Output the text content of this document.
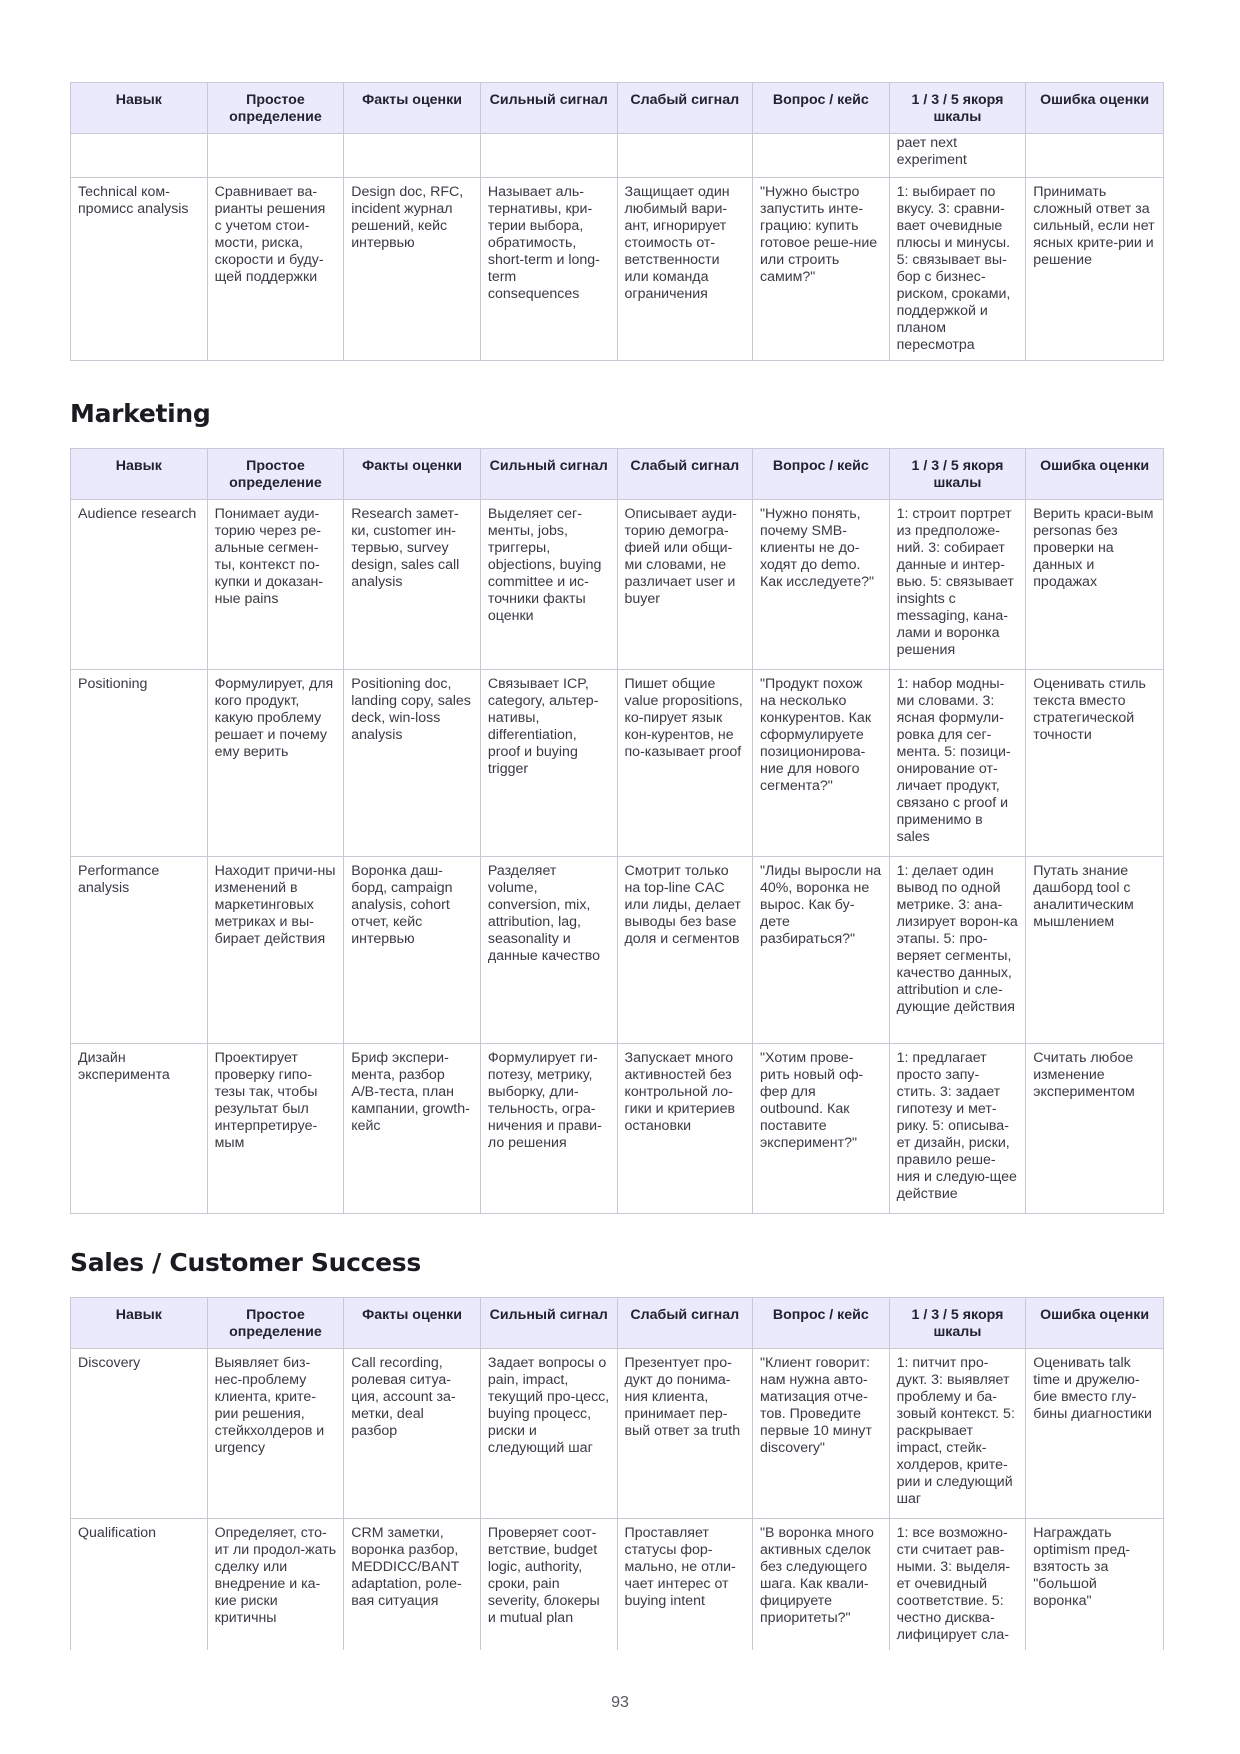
Навык	Простое определение	Факты оценки	Сильный сигнал	Слабый сигнал	Вопрос / кейс	1 / 3 / 5 якоря шкалы	Ошибка оценки
						рает next experiment	
Technical ком-промисс analysis	Сравнивает ва-рианты решения с учетом стои-мости, риска, скорости и буду-щей поддержки	Design doc, RFC, incident журнал решений, кейс интервью	Называет аль-тернативы, кри-терии выбора, обратимость, short-term и long-term consequences	Защищает один любимый вари-ант, игнорирует стоимость от-ветственности или команда ограничения	"Нужно быстро запустить инте-грацию: купить готовое реше-ние или строить самим?"	1: выбирает по вкусу. 3: сравни-вает очевидные плюсы и минусы. 5: связывает вы-бор с бизнес-риском, сроками, поддержкой и планом пересмотра	Принимать сложный ответ за сильный, если нет ясных крите-рии и решение
Marketing
Навык	Простое определение	Факты оценки	Сильный сигнал	Слабый сигнал	Вопрос / кейс	1 / 3 / 5 якоря шкалы	Ошибка оценки
Audience research	Понимает ауди-торию через ре-альные сегмен-ты, контекст по-купки и доказан-ные pains	Research замет-ки, customer ин-тервью, survey design, sales call analysis	Выделяет сег-менты, jobs, триггеры, objections, buying committee и ис-точники факты оценки	Описывает ауди-торию демогра-фией или общи-ми словами, не различает user и buyer	"Нужно понять, почему SMB-клиенты не до-ходят до demo. Как исследуете?"	1: строит портрет из предположе-ний. 3: собирает данные и интер-вью. 5: связывает insights с messaging, кана-лами и воронка решения	Верить краси-вым personas без проверки на данных и продажах
Positioning	Формулирует, для кого продукт, какую проблему решает и почему ему верить	Positioning doc, landing copy, sales deck, win-loss analysis	Связывает ICP, category, альтер-нативы, differentiation, proof и buying trigger	Пишет общие value propositions, ко-пирует язык кон-курентов, не по-казывает proof	"Продукт похож на несколько конкурентов. Как сформулируете позиционирова-ние для нового сегмента?"	1: набор модны-ми словами. 3: ясная формули-ровка для сег-мента. 5: позици-онирование от-личает продукт, связано с proof и применимо в sales	Оценивать стиль текста вместо стратегической точности
Performance analysis	Находит причи-ны изменений в маркетинговых метриках и вы-бирает действия	Воронка даш-борд, campaign analysis, cohort отчет, кейс интервью	Разделяет volume, conversion, mix, attribution, lag, seasonality и данные качество	Смотрит только на top-line CAC или лиды, делает выводы без base доля и сегментов	"Лиды выросли на 40%, воронка не вырос. Как бу-дете разбираться?"	1: делает один вывод по одной метрике. 3: ана-лизирует ворон-ка этапы. 5: про-веряет сегменты, качество данных, attribution и сле-дующие действия	Путать знание дашборд tool с аналитическим мышлением
Дизайн эксперимента	Проектирует проверку гипо-тезы так, чтобы результат был интерпретируе-мым	Бриф экспери-мента, разбор A/B-теста, план кампании, growth-кейс	Формулирует ги-потезу, метрику, выборку, дли-тельность, огра-ничения и прави-ло решения	Запускает много активностей без контрольной ло-гики и критериев остановки	"Хотим прове-рить новый оф-фер для outbound. Как поставите эксперимент?"	1: предлагает просто запу-стить. 3: задает гипотезу и мет-рику. 5: описыва-ет дизайн, риски, правило реше-ния и следую-щее действие	Считать любое изменение экспериментом
Sales / Customer Success
Навык	Простое определение	Факты оценки	Сильный сигнал	Слабый сигнал	Вопрос / кейс	1 / 3 / 5 якоря шкалы	Ошибка оценки
Discovery	Выявляет биз-нес-проблему клиента, крите-рии решения, стейкхолдеров и urgency	Call recording, ролевая ситуа-ция, account за-метки, deal разбор	Задает вопросы о pain, impact, текущий про-цесс, buying процесс, риски и следующий шаг	Презентует про-дукт до понима-ния клиента, принимает пер-вый ответ за truth	"Клиент говорит: нам нужна авто-матизация отче-тов. Проведите первые 10 минут discovery"	1: питчит про-дукт. 3: выявляет проблему и ба-зовый контекст. 5: раскрывает impact, стейк-холдеров, крите-рии и следующий шаг	Оценивать talk time и дружелю-бие вместо глу-бины диагностики
Qualification	Определяет, сто-ит ли продол-жать сделку или внедрение и ка-кие риски критичны	CRM заметки, воронка разбор, MEDDICC/BANT adaptation, роле-вая ситуация	Проверяет соот-ветствие, budget logic, authority, сроки, pain severity, блокеры и mutual plan	Проставляет статусы фор-мально, не отли-чает интерес от buying intent	"В воронка много активных сделок без следующего шага. Как квали-фицируете приоритеты?"	1: все возможно-сти считает рав-ными. 3: выделя-ет очевидный соответствие. 5: честно дисква-лифицирует сла-	Награждать optimism пред-взятость за "большой воронка"
93
